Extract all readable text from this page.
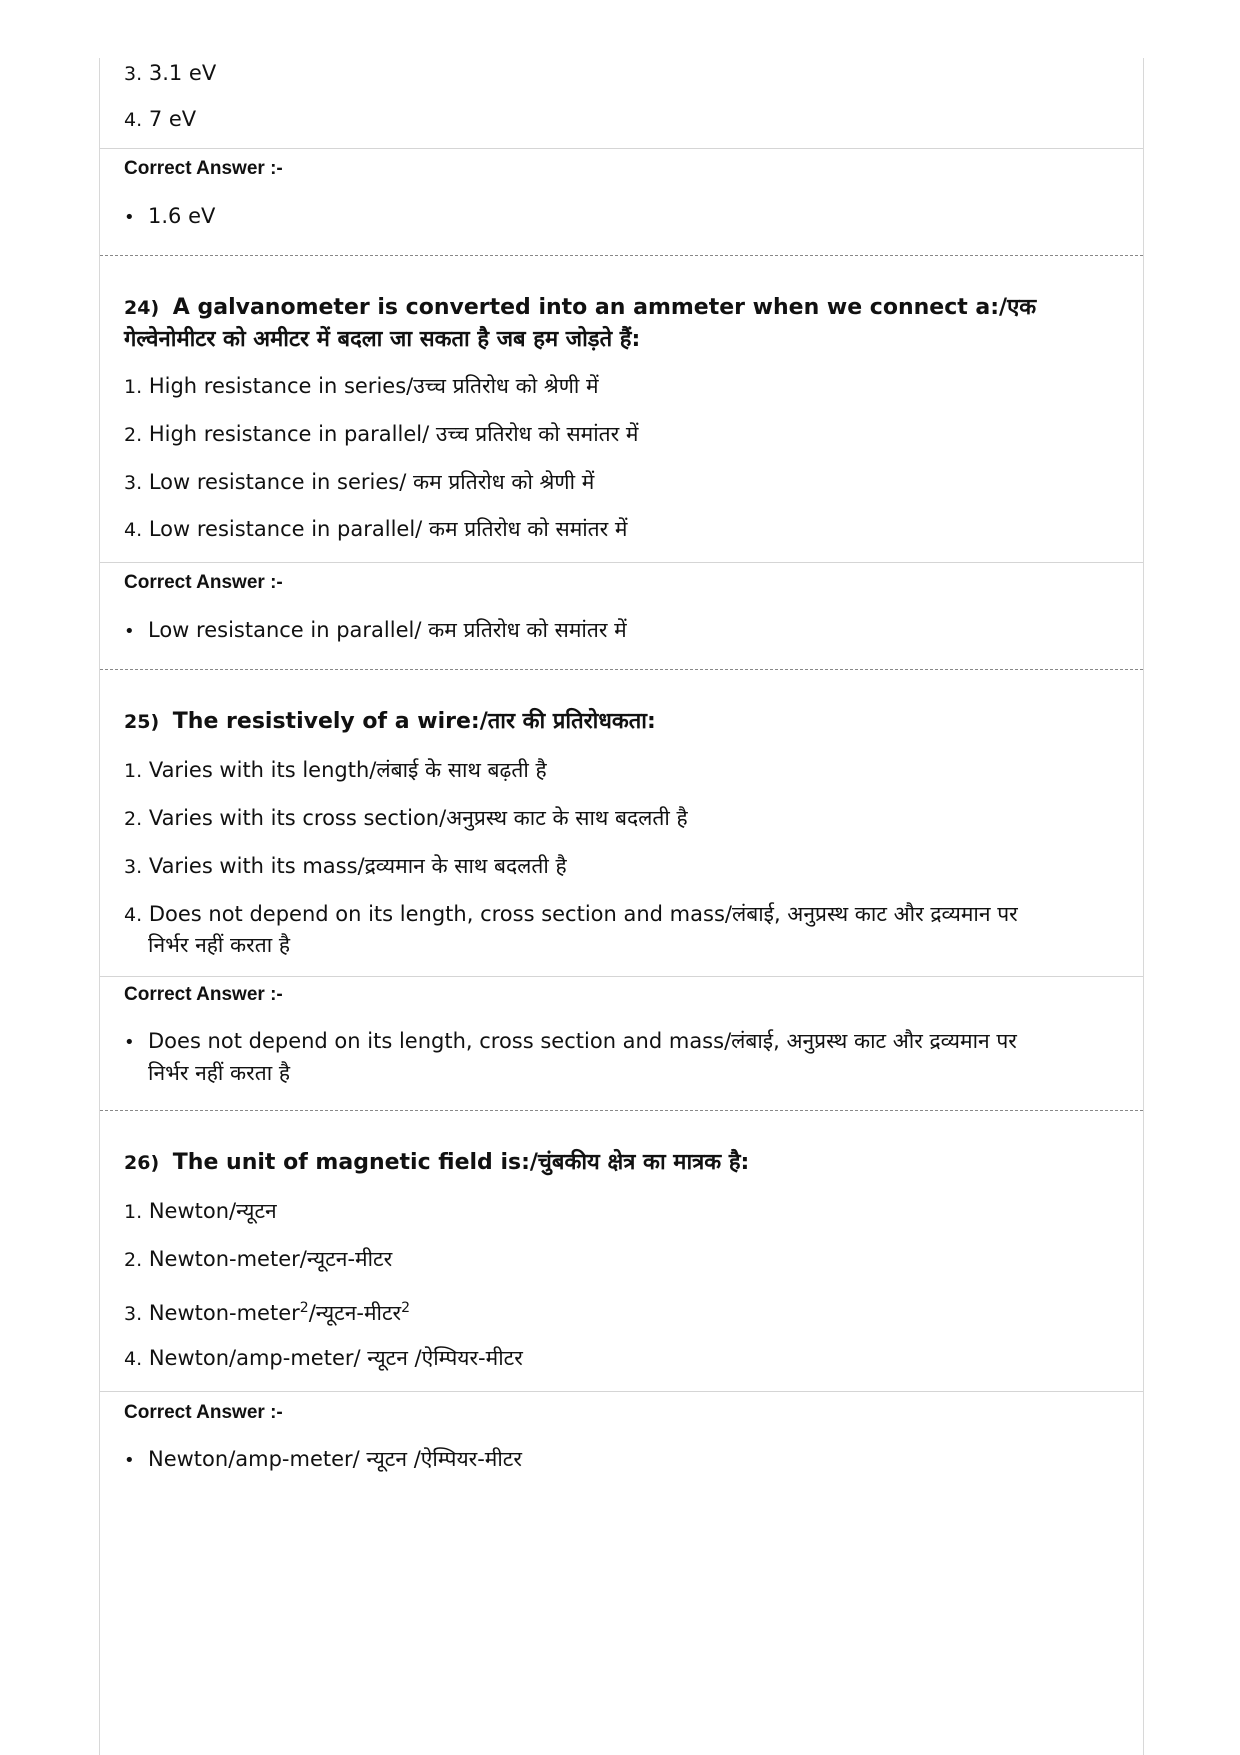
3. 3.1 eV
4. 7 eV
Correct Answer :-
• 1.6 eV
24) A galvanometer is converted into an ammeter when we connect a:/एक
गेल्वेनोमीटर को अमीटर में बदला जा सकता है जब हम जोड़ते हैं:
1. High resistance in series/उच्च प्रतिरोध को श्रेणी में
2. High resistance in parallel/ उच्च प्रतिरोध को समांतर में
3. Low resistance in series/ कम प्रतिरोध को श्रेणी में
4. Low resistance in parallel/ कम प्रतिरोध को समांतर में
Correct Answer :-
• Low resistance in parallel/ कम प्रतिरोध को समांतर में
25) The resistively of a wire:/तार की प्रतिरोधकता:
1. Varies with its length/लंबाई के साथ बढ़ती है
2. Varies with its cross section/अनुप्रस्थ काट के साथ बदलती है
3. Varies with its mass/द्रव्यमान के साथ बदलती है
4. Does not depend on its length, cross section and mass/लंबाई, अनुप्रस्थ काट और द्रव्यमान पर
निर्भर नहीं करता है
Correct Answer :-
• Does not depend on its length, cross section and mass/लंबाई, अनुप्रस्थ काट और द्रव्यमान पर
निर्भर नहीं करता है
26) The unit of magnetic field is:/चुंबकीय क्षेत्र का मात्रक है:
1. Newton/न्यूटन
2. Newton-meter/न्यूटन-मीटर
3. Newton-meter$^2$/न्यूटन-मीटर$^2$
4. Newton/amp-meter/ न्यूटन /ऐम्पियर-मीटर
Correct Answer :-
• Newton/amp-meter/ न्यूटन /ऐम्पियर-मीटर
